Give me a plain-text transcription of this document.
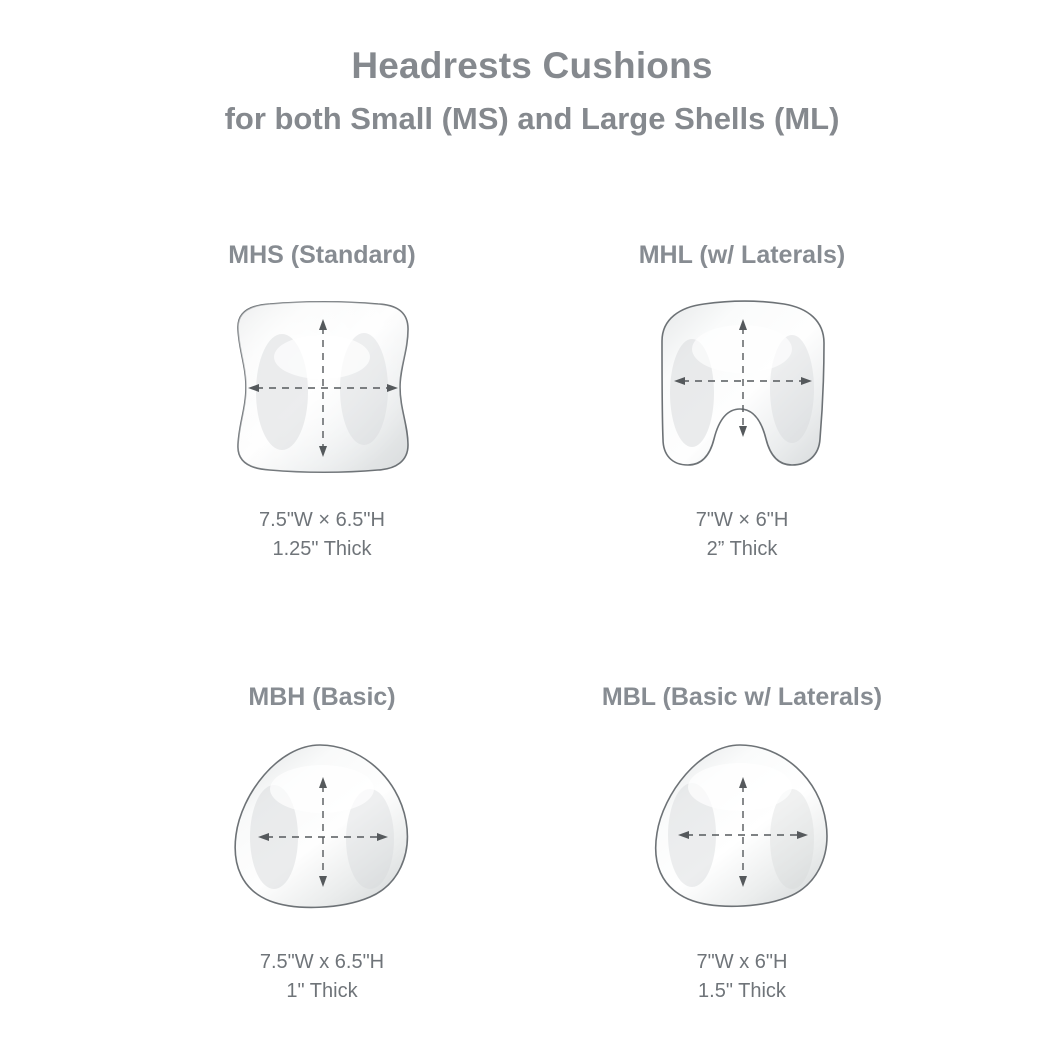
Headrests Cushions
for both Small (MS) and Large Shells (ML)
MHS (Standard)
7.5"W × 6.5"H
1.25" Thick
MHL (w/ Laterals)
7"W × 6"H
2” Thick
MBH (Basic)
7.5"W x 6.5"H
1" Thick
MBL (Basic w/ Laterals)
7"W x 6"H
1.5" Thick
